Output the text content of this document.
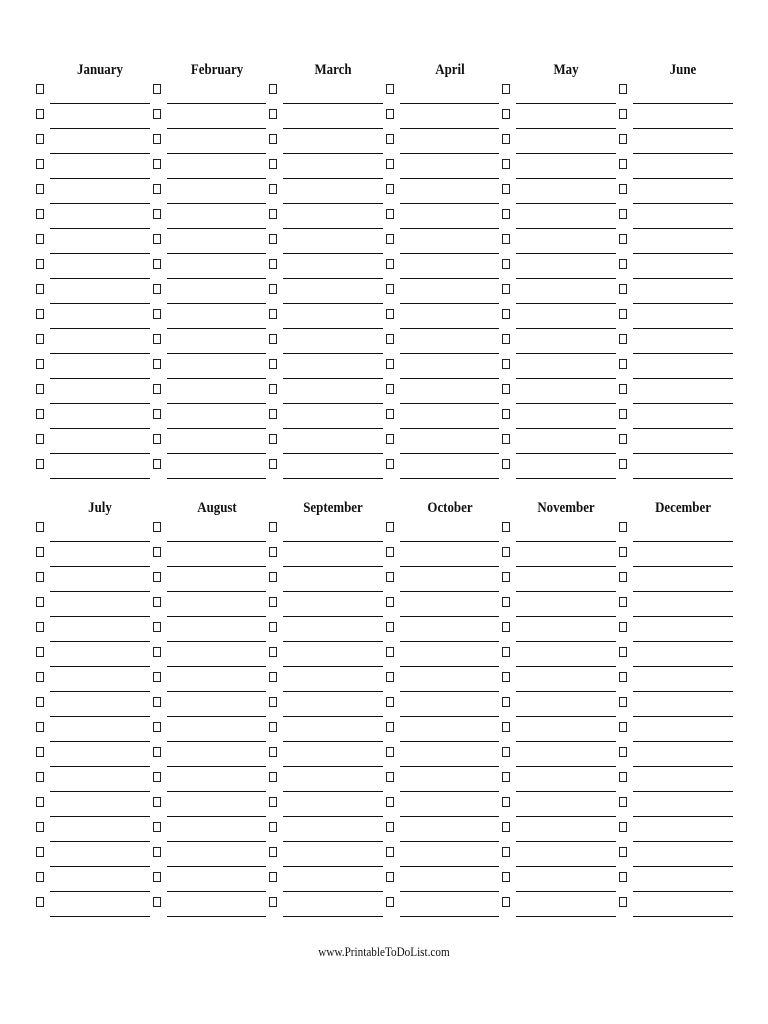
January	February	March	April	May	June
July	August	September	October	November	December
www.PrintableToDoList.com
